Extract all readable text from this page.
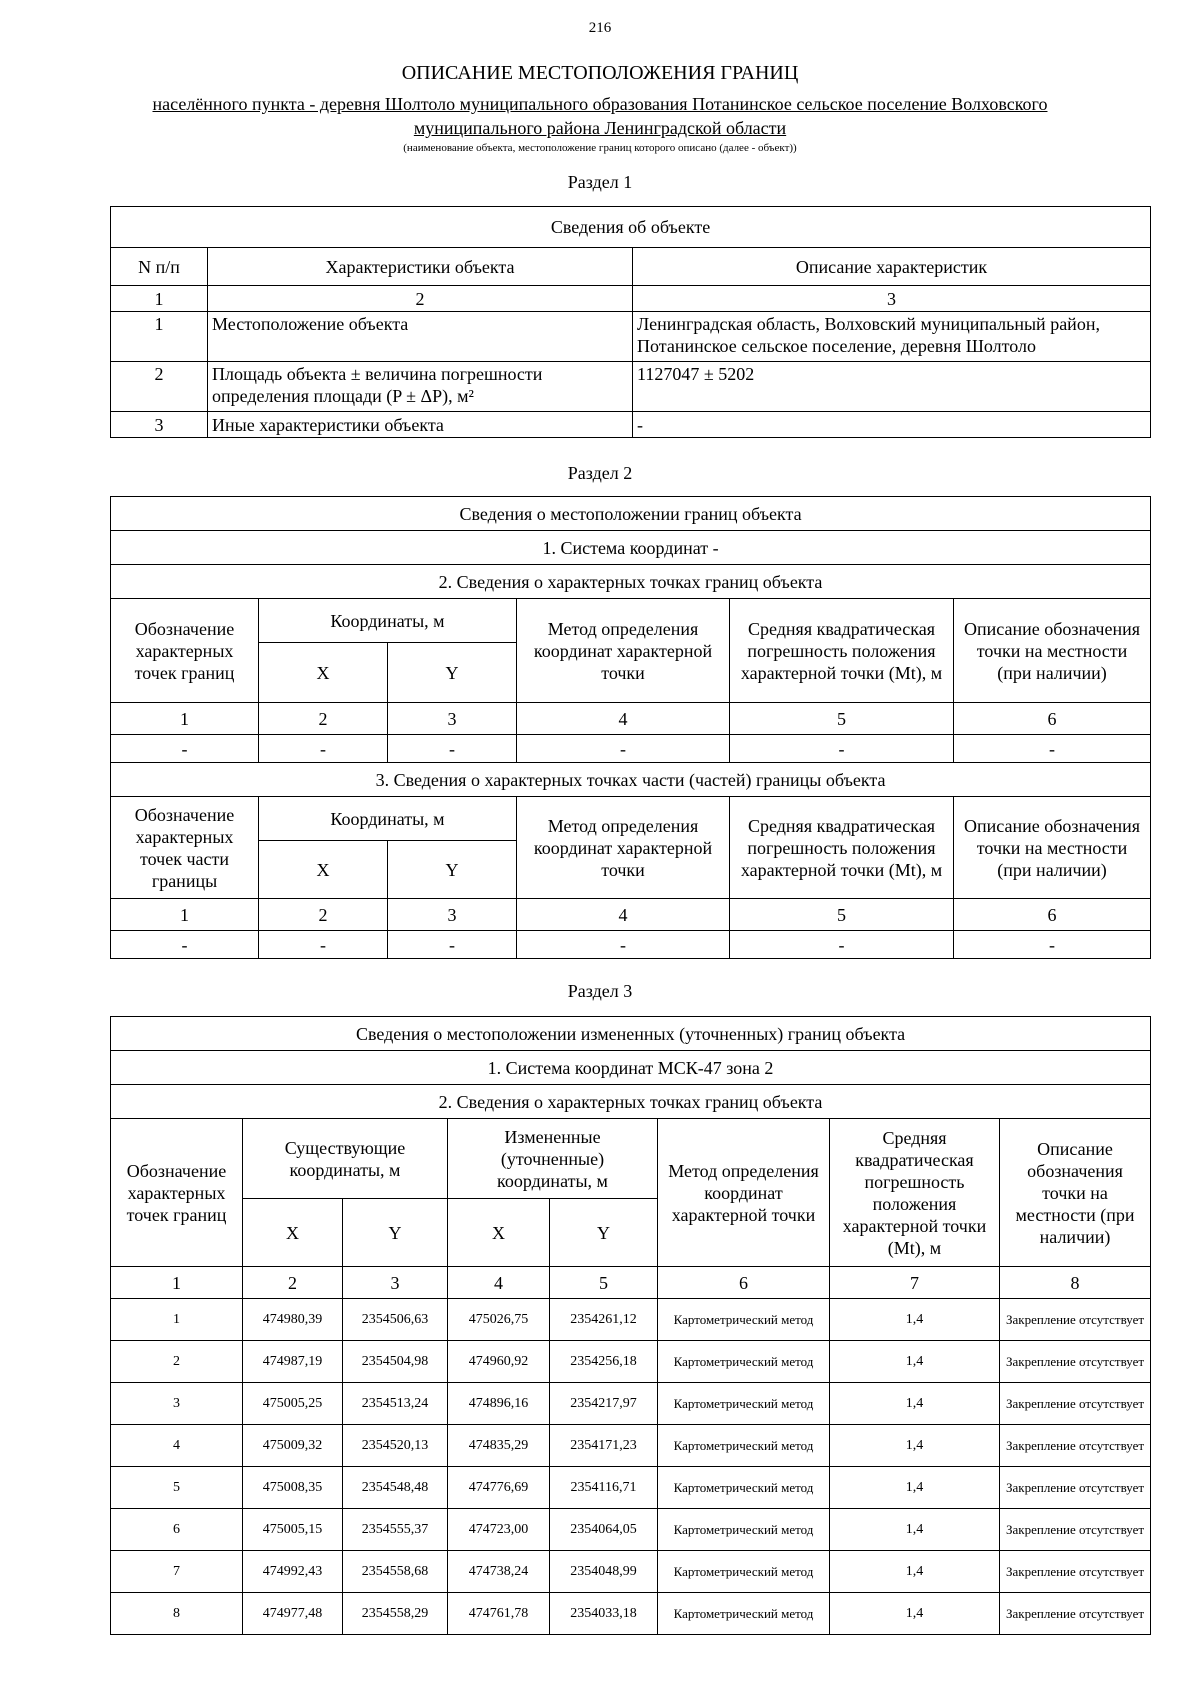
216
ОПИСАНИЕ МЕСТОПОЛОЖЕНИЯ ГРАНИЦ
населённого пункта - деревня Шолтоло муниципального образования Потанинское сельское поселение Волховского
муниципального района Ленинградской области
(наименование объекта, местоположение границ которого описано (далее - объект))
Раздел 1
Сведения об объекте		
N п/п	Характеристики объекта	Описание характеристик
1	2	3
1	Местоположение объекта	Ленинградская область, Волховский муниципальный район, Потанинское сельское поселение, деревня Шолтоло
2	Площадь объекта ± величина погрешности определения площади (P ± ΔP), м²	1127047 ± 5202
3	Иные характеристики объекта	-
Раздел 2
Сведения о местоположении границ объекта					
1. Система координат -					
2. Сведения о характерных точках границ объекта					
Обозначение характерных точек границ	Координаты, м		Метод определения координат характерной точки	Средняя квадратическая погрешность положения характерной точки (Mt), м	Описание обозначения точки на местности (при наличии)
	X	Y			
1	2	3	4	5	6
-	-	-	-	-	-
3. Сведения о характерных точках части (частей) границы объекта					
Обозначение характерных точек части границы	Координаты, м		Метод определения координат характерной точки	Средняя квадратическая погрешность положения характерной точки (Mt), м	Описание обозначения точки на местности (при наличии)
	X	Y			
1	2	3	4	5	6
-	-	-	-	-	-
Раздел 3
Сведения о местоположении измененных (уточненных) границ объекта							
1. Система координат МСК-47 зона 2							
2. Сведения о характерных точках границ объекта							
Обозначение характерных точек границ	Существующие координаты, м		Измененные (уточненные) координаты, м		Метод определения координат характерной точки	Средняя квадратическая погрешность положения характерной точки (Mt), м	Описание обозначения точки на местности (при наличии)
	X	Y	X	Y			
1	2	3	4	5	6	7	8
1	474980,39	2354506,63	475026,75	2354261,12	Картометрический метод	1,4	Закрепление отсутствует
2	474987,19	2354504,98	474960,92	2354256,18	Картометрический метод	1,4	Закрепление отсутствует
3	475005,25	2354513,24	474896,16	2354217,97	Картометрический метод	1,4	Закрепление отсутствует
4	475009,32	2354520,13	474835,29	2354171,23	Картометрический метод	1,4	Закрепление отсутствует
5	475008,35	2354548,48	474776,69	2354116,71	Картометрический метод	1,4	Закрепление отсутствует
6	475005,15	2354555,37	474723,00	2354064,05	Картометрический метод	1,4	Закрепление отсутствует
7	474992,43	2354558,68	474738,24	2354048,99	Картометрический метод	1,4	Закрепление отсутствует
8	474977,48	2354558,29	474761,78	2354033,18	Картометрический метод	1,4	Закрепление отсутствует
